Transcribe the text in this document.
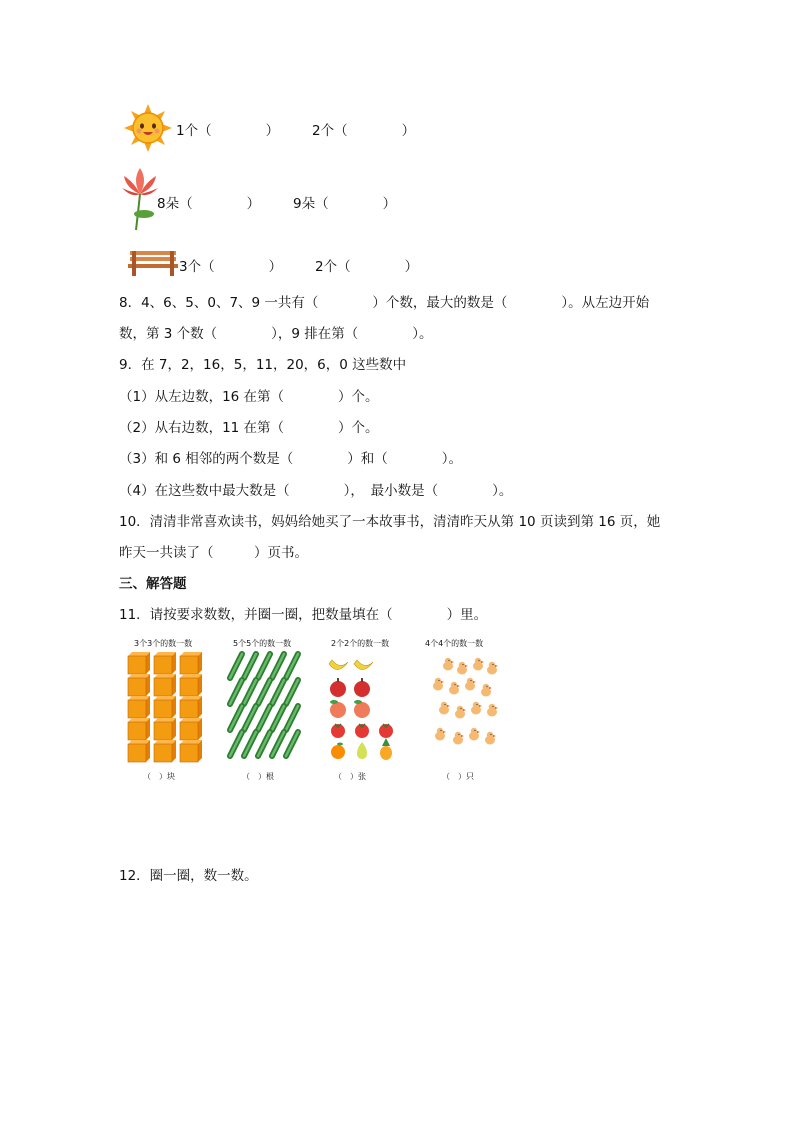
1个（　　　　） 2个（　　　　）
8朵（　　　　） 9朵（　　　　）
3个（　　　　） 2个（　　　　）
8．4、6、5、0、7、9 一共有（　　　　）个数，最大的数是（　　　　）。从左边开始
数，第 3 个数（　　　　），9 排在第（　　　　）。
9．在 7，2，16，5，11，20，6，0 这些数中
（1）从左边数，16 在第（　　　　）个。
（2）从右边数，11 在第（　　　　）个。
（3）和 6 相邻的两个数是（　　　　）和（　　　　）。
（4）在这些数中最大数是（　　　　），　最小数是（　　　　）。
10．清清非常喜欢读书，妈妈给她买了一本故事书，清清昨天从第 10 页读到第 16 页，她
昨天一共读了（　　　）页书。
三、解答题
11．请按要求数数，并圈一圈，把数量填在（　　　　）里。
3个3个的数一数	5个5个的数一数	2个2个的数一数	4个4个的数一数
（　）块	（　）根	（　）张	（　）只
12．圈一圈，数一数。
